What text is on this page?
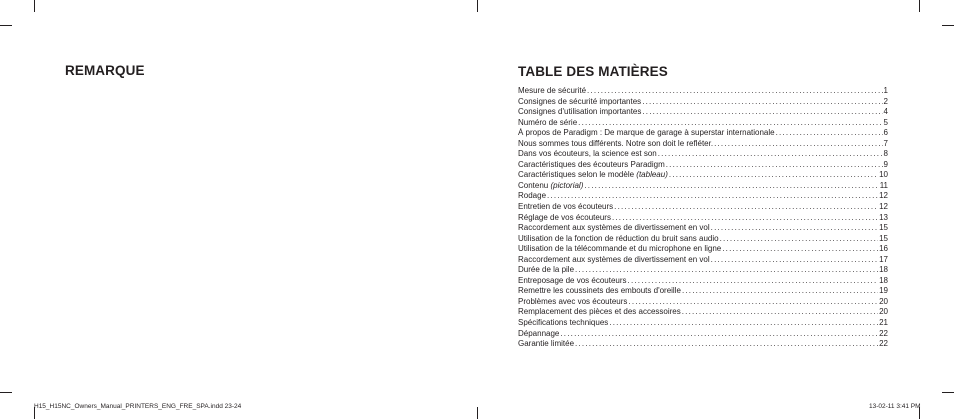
REMARQUE	TABLE DES MATIÈRES
Mesure de sécurité .....	1
Consignes de sécurité importantes .....	2
Consignes d'utilisation importantes .....	4
Numéro de série .....	5
À propos de Paradigm : De marque de garage à superstar internationale .....	6
Nous sommes tous différents. Notre son doit le refléter. .....	7
Dans vos écouteurs, la science est son .....	8
Caractéristiques des écouteurs Paradigm .....	9
Caractéristiques selon le modèle (tableau) .....	10
Contenu (pictorial) .....	11
Rodage .....	12
Entretien de vos écouteurs .....	12
Réglage de vos écouteurs .....	13
Raccordement aux systèmes de divertissement en vol .....	15
Utilisation de la fonction de réduction du bruit sans audio .....	15
Utilisation de la télécommande et du microphone en ligne .....	16
Raccordement aux systèmes de divertissement en vol .....	17
Durée de la pile .....	18
Entreposage de vos écouteurs .....	18
Remettre les coussinets des embouts d'oreille .....	19
Problèmes avec vos écouteurs .....	20
Remplacement des pièces et des accessoires .....	20
Spécifications techniques .....	21
Dépannage .....	22
Garantie limitée .....	22
H15_H15NC_Owners_Manual_PRINTERS_ENG_FRE_SPA.indd 23-24	13-02-11 3:41 PM
